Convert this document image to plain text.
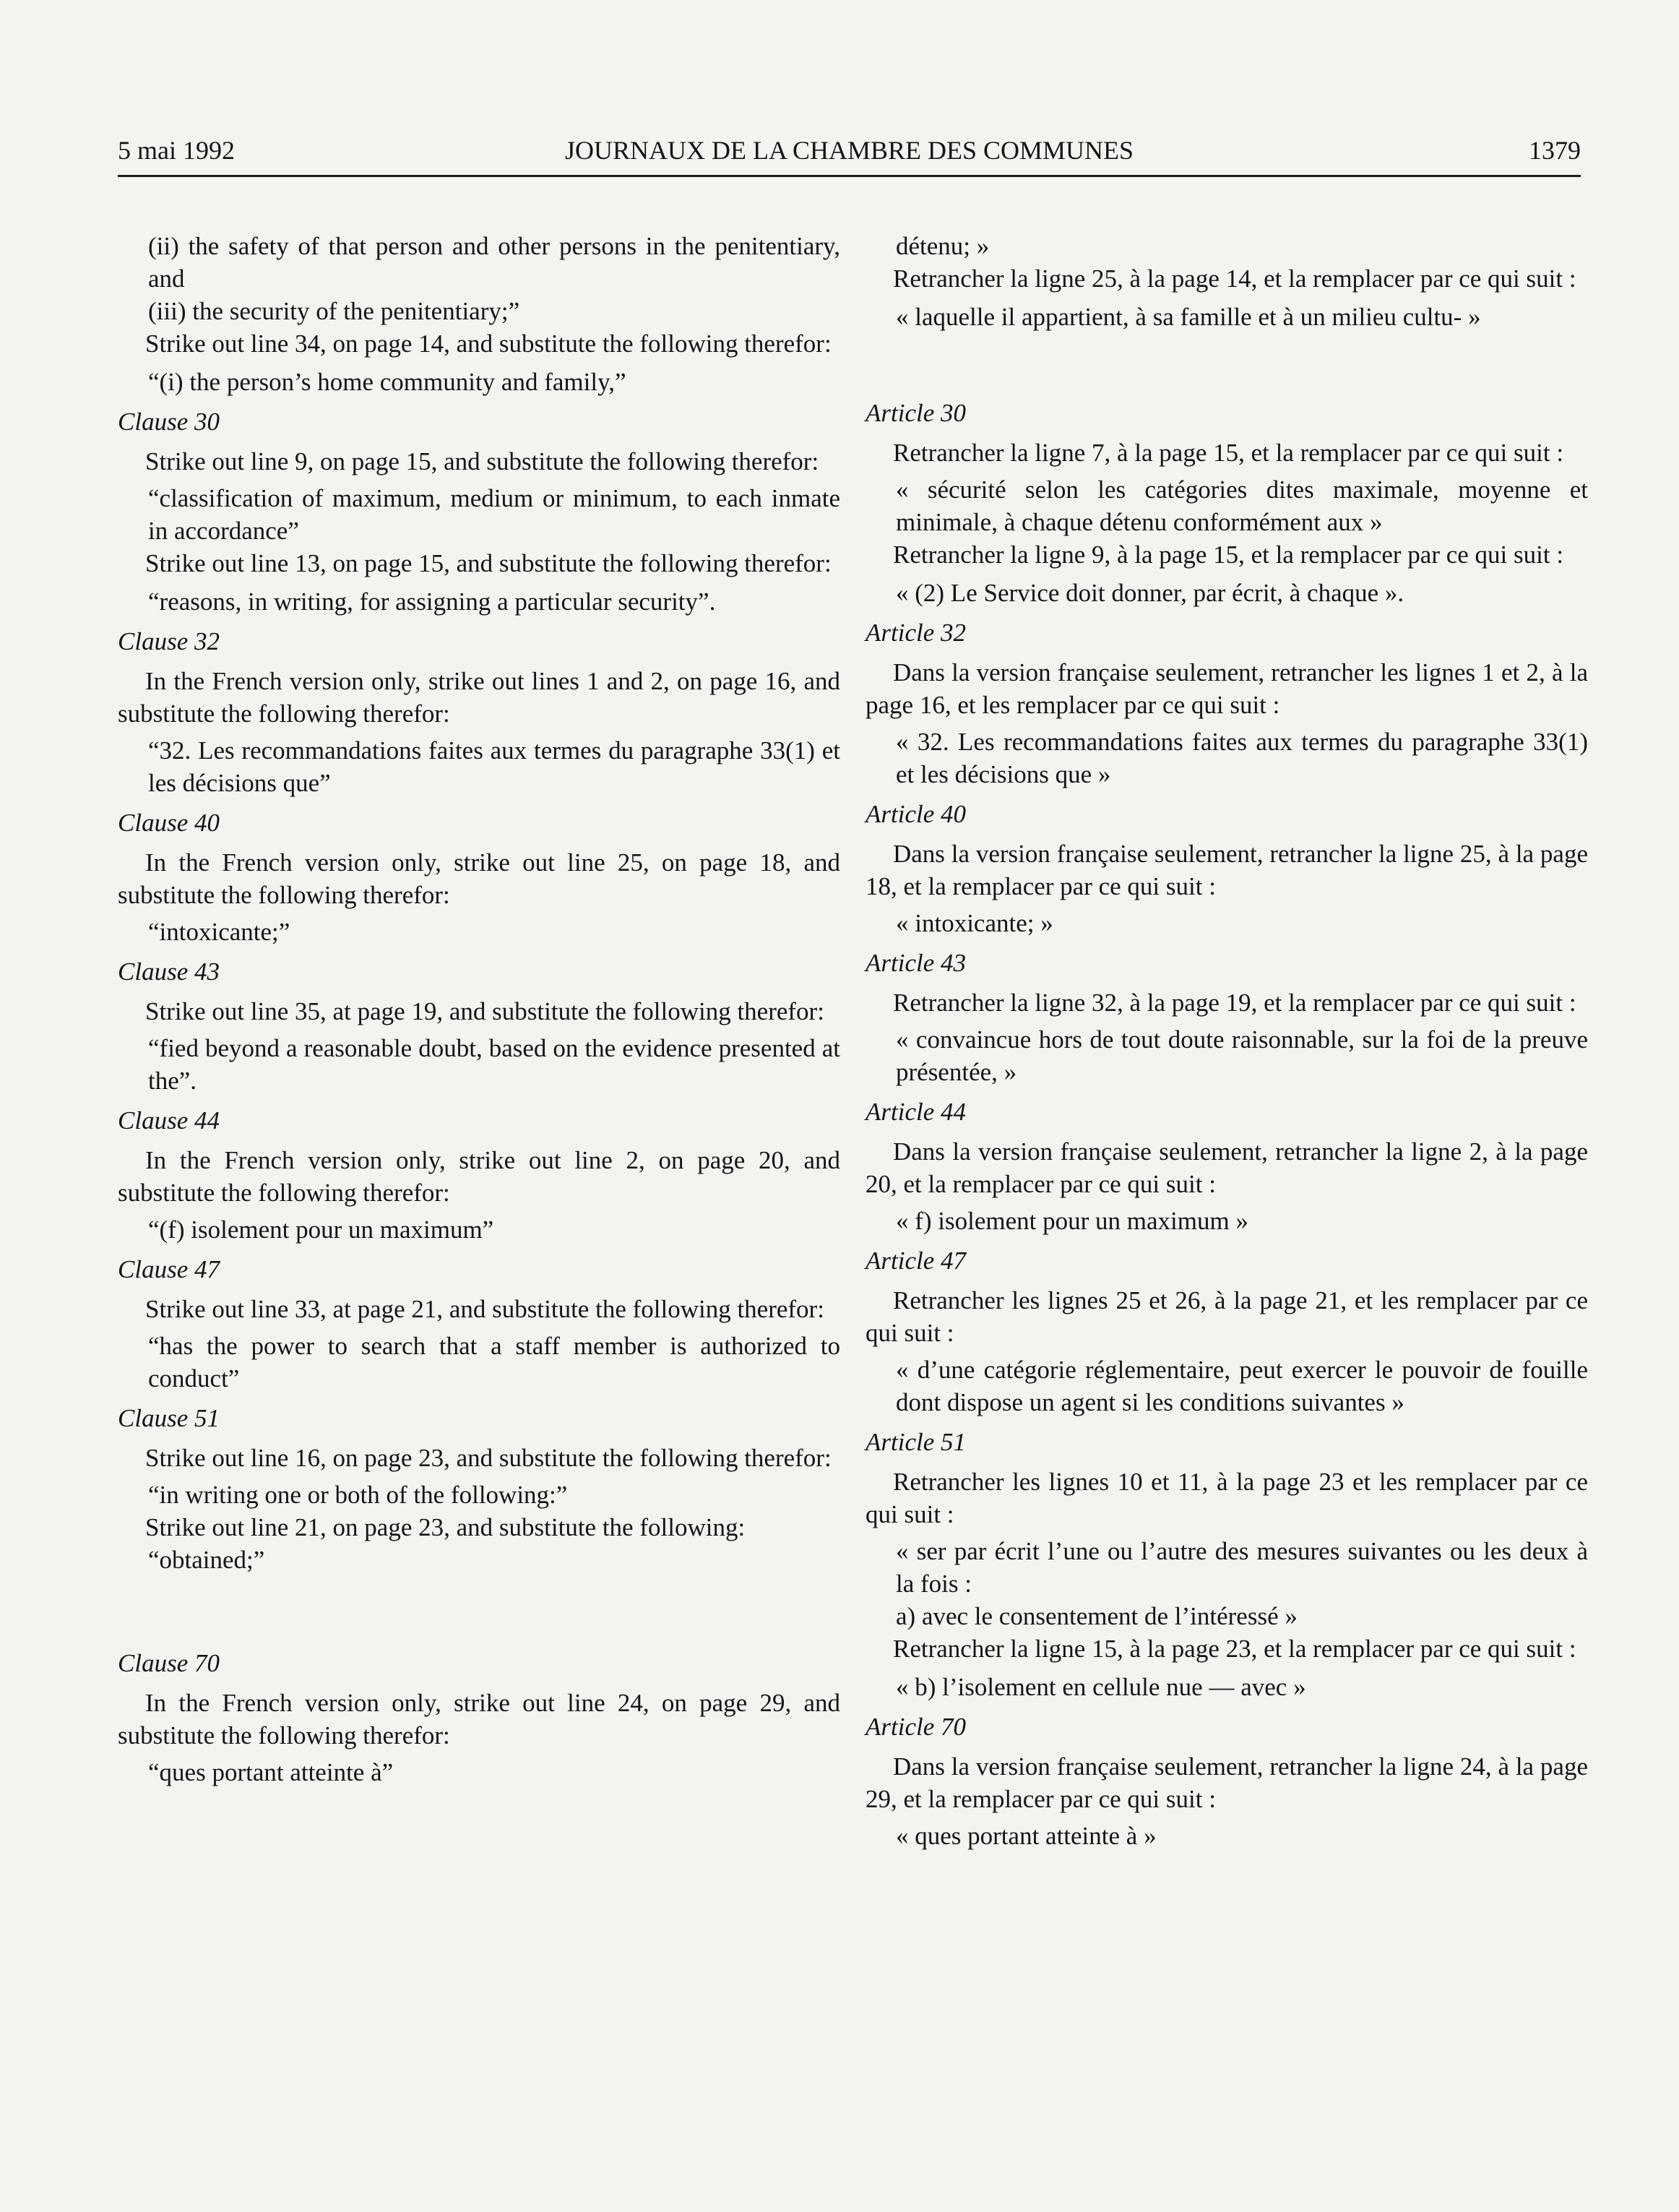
5 mai 1992	JOURNAUX DE LA CHAMBRE DES COMMUNES	1379

(ii) the safety of that person and other persons in the penitentiary, and

(iii) the security of the penitentiary;”

Strike out line 34, on page 14, and substitute the following therefor:

“(i) the person’s home community and family,”

Clause 30

Strike out line 9, on page 15, and substitute the following therefor:

“classification of maximum, medium or minimum, to each inmate in accordance”

Strike out line 13, on page 15, and substitute the following therefor:

“reasons, in writing, for assigning a particular security”.

Clause 32

In the French version only, strike out lines 1 and 2, on page 16, and substitute the following therefor:

“32. Les recommandations faites aux termes du paragraphe 33(1) et les décisions que”

Clause 40

In the French version only, strike out line 25, on page 18, and substitute the following therefor:

“intoxicante;”

Clause 43

Strike out line 35, at page 19, and substitute the following therefor:

“fied beyond a reasonable doubt, based on the evidence presented at the”.

Clause 44

In the French version only, strike out line 2, on page 20, and substitute the following therefor:

“(f) isolement pour un maximum”

Clause 47

Strike out line 33, at page 21, and substitute the following therefor:

“has the power to search that a staff member is authorized to conduct”

Clause 51

Strike out line 16, on page 23, and substitute the following therefor:

“in writing one or both of the following:”

Strike out line 21, on page 23, and substitute the following:

“obtained;”

Clause 70

In the French version only, strike out line 24, on page 29, and substitute the following therefor:

“ques portant atteinte à”

détenu; »

Retrancher la ligne 25, à la page 14, et la remplacer par ce qui suit :

« laquelle il appartient, à sa famille et à un milieu cultu- »

Article 30

Retrancher la ligne 7, à la page 15, et la remplacer par ce qui suit :

« sécurité selon les catégories dites maximale, moyenne et minimale, à chaque détenu conformément aux »

Retrancher la ligne 9, à la page 15, et la remplacer par ce qui suit :

« (2) Le Service doit donner, par écrit, à chaque ».

Article 32

Dans la version française seulement, retrancher les lignes 1 et 2, à la page 16, et les remplacer par ce qui suit :

« 32. Les recommandations faites aux termes du paragraphe 33(1) et les décisions que »

Article 40

Dans la version française seulement, retrancher la ligne 25, à la page 18, et la remplacer par ce qui suit :

« intoxicante; »

Article 43

Retrancher la ligne 32, à la page 19, et la remplacer par ce qui suit :

« convaincue hors de tout doute raisonnable, sur la foi de la preuve présentée, »

Article 44

Dans la version française seulement, retrancher la ligne 2, à la page 20, et la remplacer par ce qui suit :

« f) isolement pour un maximum »

Article 47

Retrancher les lignes 25 et 26, à la page 21, et les remplacer par ce qui suit :

« d’une catégorie réglementaire, peut exercer le pouvoir de fouille dont dispose un agent si les conditions suivantes »

Article 51

Retrancher les lignes 10 et 11, à la page 23 et les remplacer par ce qui suit :

« ser par écrit l’une ou l’autre des mesures suivantes ou les deux à la fois :

a) avec le consentement de l’intéressé »

Retrancher la ligne 15, à la page 23, et la remplacer par ce qui suit :

« b) l’isolement en cellule nue — avec »

Article 70

Dans la version française seulement, retrancher la ligne 24, à la page 29, et la remplacer par ce qui suit :

« ques portant atteinte à »
